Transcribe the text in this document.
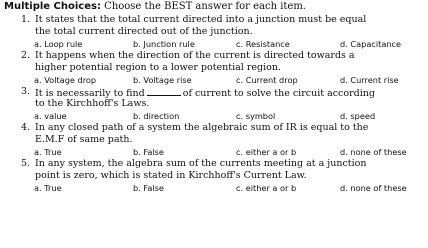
Multiple Choices: Choose the BEST answer for each item.
1. It states that the total current directed into a junction must be equal
the total current directed out of the junction.
a. Loop rule	b. Junction rule	c. Resistance	d. Capacitance
2. It happens when the direction of the current is directed towards a
higher potential region to a lower potential region.
a. Voltage drop	b. Voltage rise	c. Current drop	d. Current rise
3. It is necessarily to find	of current to solve the circuit according
to the Kirchhoff's Laws.
a. value	b. direction	c. symbol	d. speed
4. In any closed path of a system the algebraic sum of IR is equal to the
E.M.F of same path.
a. True	b. False	c. either a or b	d. none of these
5. In any system, the algebra sum of the currents meeting at a junction
point is zero, which is stated in Kirchhoff's Current Law.
a. True	b. False	c. either a or b	d. none of these
